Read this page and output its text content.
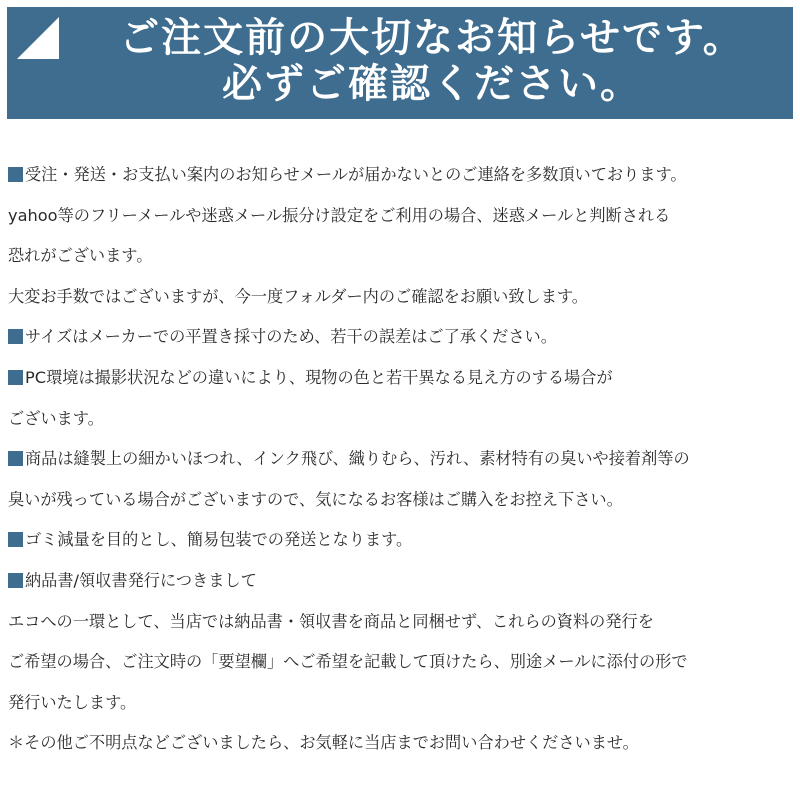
ご注文前の大切なお知らせです。
必ずご確認ください。
受注・発送・お支払い案内のお知らせメールが届かないとのご連絡を多数頂いております。
yahoo等のフリーメールや迷惑メール振分け設定をご利用の場合、迷惑メールと判断される
恐れがございます。
大変お手数ではございますが、今一度フォルダー内のご確認をお願い致します。
サイズはメーカーでの平置き採寸のため、若干の誤差はご了承ください。
PC環境は撮影状況などの違いにより、現物の色と若干異なる見え方のする場合が
ございます。
商品は縫製上の細かいほつれ、インク飛び、織りむら、汚れ、素材特有の臭いや接着剤等の
臭いが残っている場合がございますので、気になるお客様はご購入をお控え下さい。
ゴミ減量を目的とし、簡易包装での発送となります。
納品書/領収書発行につきまして
エコへの一環として、当店では納品書・領収書を商品と同梱せず、これらの資料の発行を
ご希望の場合、ご注文時の「要望欄」へご希望を記載して頂けたら、別途メールに添付の形で
発行いたします。
＊その他ご不明点などございましたら、お気軽に当店までお問い合わせくださいませ。
